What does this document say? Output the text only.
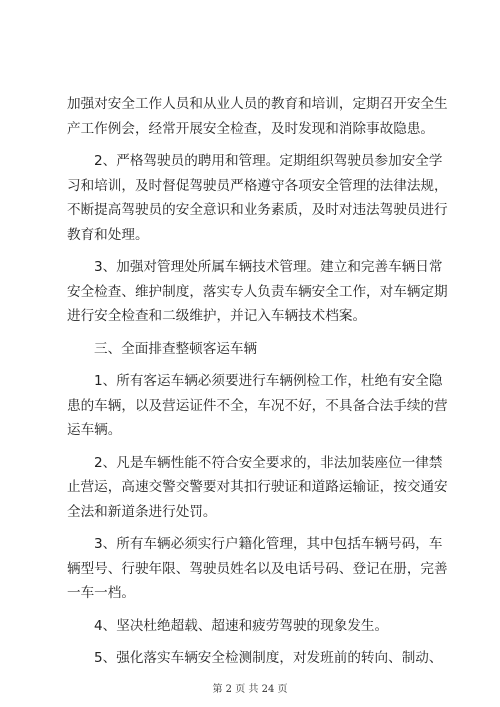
加强对安全工作人员和从业人员的教育和培训，定期召开安全生
产工作例会，经常开展安全检查，及时发现和消除事故隐患。
2、严格驾驶员的聘用和管理。定期组织驾驶员参加安全学
习和培训，及时督促驾驶员严格遵守各项安全管理的法律法规，
不断提高驾驶员的安全意识和业务素质，及时对违法驾驶员进行
教育和处理。
3、加强对管理处所属车辆技术管理。建立和完善车辆日常
安全检查、维护制度，落实专人负责车辆安全工作，对车辆定期
进行安全检查和二级维护，并记入车辆技术档案。
三、全面排查整顿客运车辆
1、所有客运车辆必须要进行车辆例检工作，杜绝有安全隐
患的车辆，以及营运证件不全，车况不好，不具备合法手续的营
运车辆。
2、凡是车辆性能不符合安全要求的，非法加装座位一律禁
止营运，高速交警交警要对其扣行驶证和道路运输证，按交通安
全法和新道条进行处罚。
3、所有车辆必须实行户籍化管理，其中包括车辆号码，车
辆型号、行驶年限、驾驶员姓名以及电话号码、登记在册，完善
一车一档。
4、坚决杜绝超载、超速和疲劳驾驶的现象发生。
5、强化落实车辆安全检测制度，对发班前的转向、制动、
第 2 页 共 24 页
